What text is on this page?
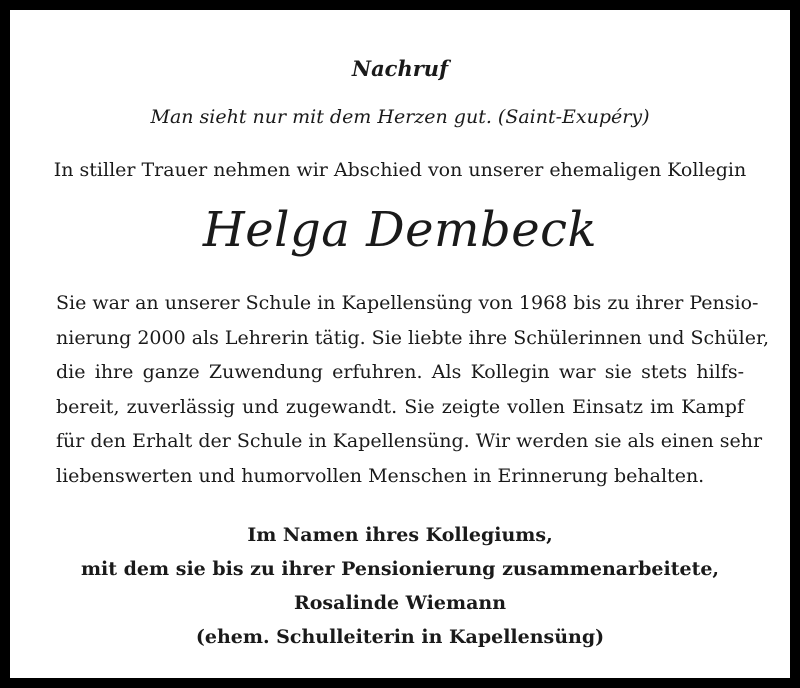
Nachruf
Man sieht nur mit dem Herzen gut. (Saint-Exupéry)
In stiller Trauer nehmen wir Abschied von unserer ehemaligen Kollegin
Helga Dembeck
Sie war an unserer Schule in Kapellensüng von 1968 bis zu ihrer Pensio-
nierung 2000 als Lehrerin tätig. Sie liebte ihre Schülerinnen und Schüler,
die ihre ganze Zuwendung erfuhren. Als Kollegin war sie stets hilfs-
bereit, zuverlässig und zugewandt. Sie zeigte vollen Einsatz im Kampf
für den Erhalt der Schule in Kapellensüng. Wir werden sie als einen sehr
liebenswerten und humorvollen Menschen in Erinnerung behalten.
Im Namen ihres Kollegiums,
mit dem sie bis zu ihrer Pensionierung zusammenarbeitete,
Rosalinde Wiemann
(ehem. Schulleiterin in Kapellensüng)
